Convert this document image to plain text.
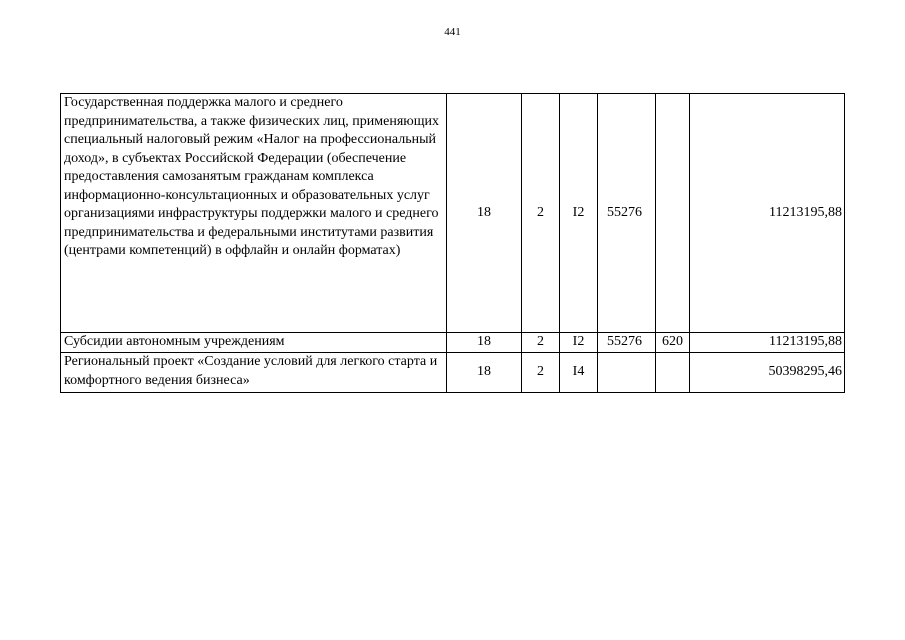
441
Государственная поддержка малого и среднего предпринимательства, а также физических лиц, применяющих специальный налоговый режим «Налог на профессиональный доход», в субъектах Российской Федерации (обеспечение предоставления самозанятым гражданам комплекса информационно-консультационных и образовательных услуг организациями инфраструктуры поддержки малого и среднего предпринимательства и федеральными институтами развития (центрами компетенций) в оффлайн и онлайн форматах)	18	2	I2	55276		11213195,88
Субсидии автономным учреждениям	18	2	I2	55276	620	11213195,88
Региональный проект «Создание условий для легкого старта и комфортного ведения бизнеса»	18	2	I4			50398295,46
